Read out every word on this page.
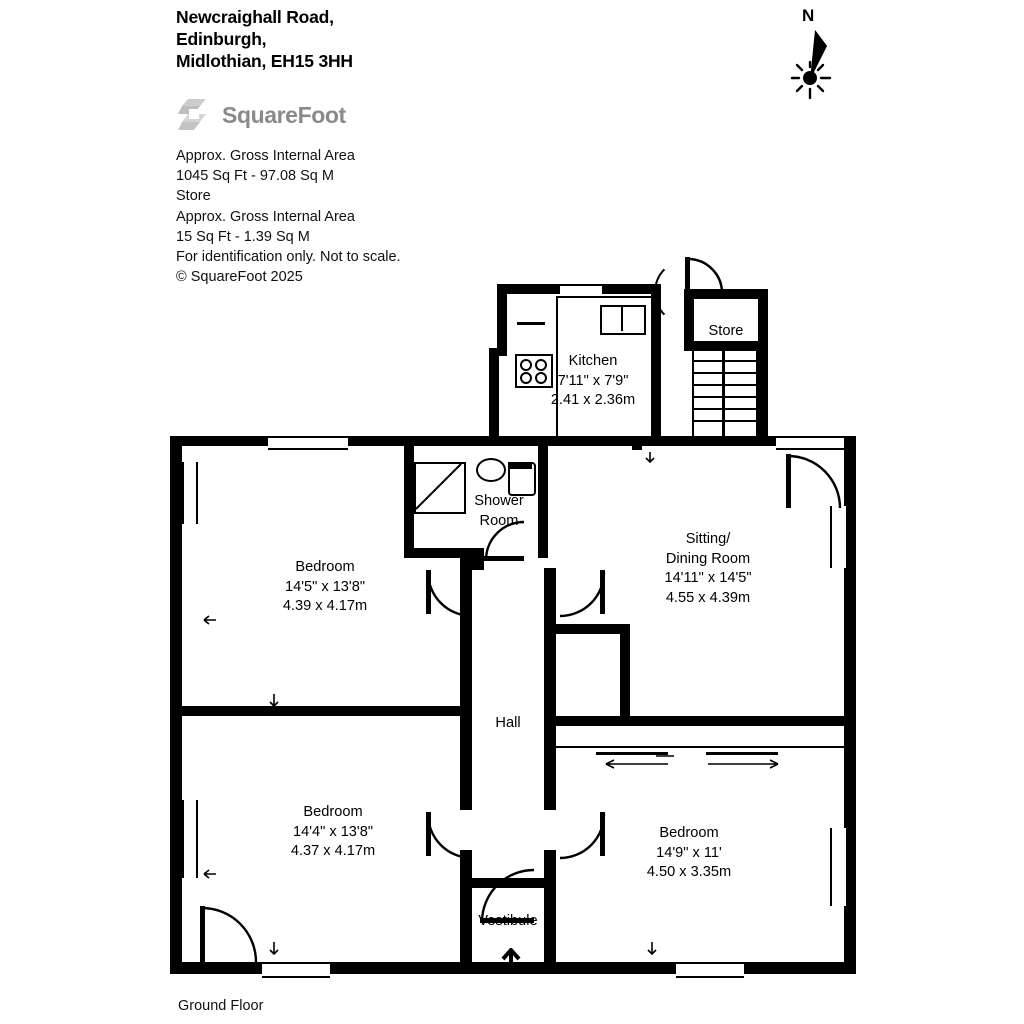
Newcraighall Road,
Edinburgh,
Midlothian, EH15 3HH
SquareFoot
Approx. Gross Internal Area
1045 Sq Ft - 97.08 Sq M
Store
Approx. Gross Internal Area
15 Sq Ft - 1.39 Sq M
For identification only. Not to scale.
© SquareFoot 2025
N
Kitchen
7'11" x 7'9"
2.41 x 2.36m
Store
Shower
Room
Bedroom
14'5" x 13'8"
4.39 x 4.17m
Bedroom
14'4" x 13'8"
4.37 x 4.17m
Bedroom
14'9" x 11'
4.50 x 3.35m
Sitting/
Dining Room
14'11" x 14'5"
4.55 x 4.39m
Hall
Vestibule
Ground Floor
